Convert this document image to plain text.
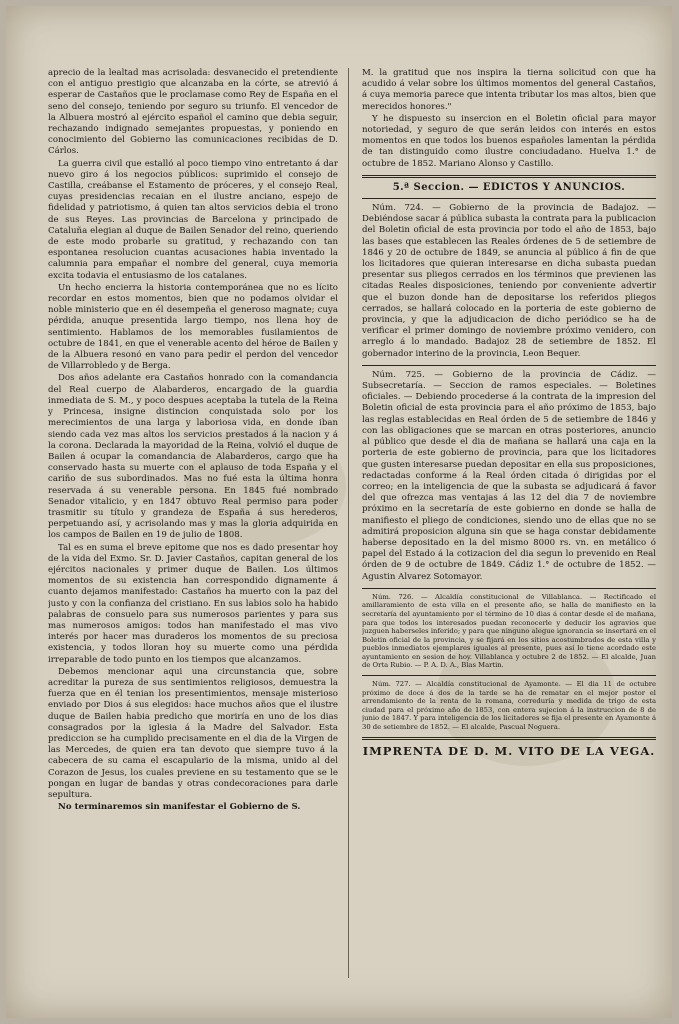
aprecio de la lealtad mas acrisolada: desvanecido el pretendiente con el antiguo prestigio que alcanzaba en la córte, se atrevió á esperar de Castaños que le proclamase como Rey de España en el seno del consejo, teniendo por seguro su triunfo. El vencedor de la Albuera mostró al ejército español el camino que debia seguir, rechazando indignado semejantes propuestas, y poniendo en conocimiento del Gobierno las comunicaciones recibidas de D. Cárlos.

La guerra civil que estalló al poco tiempo vino entretanto á dar nuevo giro á los negocios públicos: suprimido el consejo de Castilla, creábanse el Estamento de próceres, y el consejo Real, cuyas presidencias recaian en el ilustre anciano, espejo de fidelidad y patriotismo, á quien tan altos servicios debia el trono de sus Reyes. Las provincias de Barcelona y principado de Cataluña elegian al duque de Bailen Senador del reino, queriendo de este modo probarle su gratitud, y rechazando con tan espontanea resolucion cuantas acusaciones habia inventado la calumnia para empañar el nombre del general, cuya memoria excita todavia el entusiasmo de los catalanes.

Un hecho encierra la historia contemporánea que no es lícito recordar en estos momentos, bien que no podamos olvidar el noble ministerio que en él desempeña el generoso magnate; cuya pérdida, anuque presentida largo tiempo, nos llena hoy de sentimiento. Hablamos de los memorables fusilamientos de octubre de 1841, en que el venerable acento del héroe de Bailen y de la Albuera resonó en vano para pedir el perdon del vencedor de Villarrobledo y de Berga.

Dos años adelante era Castaños honrado con la comandancia del Real cuerpo de Alabarderos, encargado de la guardia inmediata de S. M., y poco despues aceptaba la tutela de la Reina y Princesa, insigne distincion conquistada solo por los merecimientos de una larga y laboriosa vida, en donde iban siendo cada vez mas altos los servicios prestados á la nacion y á la corona. Declarada la mayoridad de la Reina, volvió el duque de Bailen á ocupar la comandancia de Alabarderos, cargo que ha conservado hasta su muerte con el aplauso de toda España y el cariño de sus subordinados. Mas no fué esta la última honra reservada á su venerable persona. En 1845 fué nombrado Senador vitalicio, y en 1847 obtuvo Real permiso para poder trasmitir su título y grandeza de España á sus herederos, perpetuando así, y acrisolando mas y mas la gloria adquirida en los campos de Bailen en 19 de julio de 1808.

Tal es en suma el breve epitome que nos es dado presentar hoy de la vida del Exmo. Sr. D. Javier Castaños, capitan general de los ejércitos nacionales y primer duque de Bailen. Los últimos momentos de su existencia han correspondido dignamente á cuanto dejamos manifestado: Castaños ha muerto con la paz del justo y con la confianza del cristiano. En sus labios solo ha habido palabras de consuelo para sus numerosos parientes y para sus mas numerosos amigos: todos han manifestado el mas vivo interés por hacer mas duraderos los momentos de su preciosa existencia, y todos lloran hoy su muerte como una pérdida irreparable de todo punto en los tiempos que alcanzamos.

Debemos mencionar aqui una circunstancia que, sobre acreditar la pureza de sus sentimientos religiosos, demuestra la fuerza que en él tenian los presentimientos, mensaje misterioso enviado por Dios á sus elegidos: hace muchos años que el ilustre duque de Bailen habia predicho que moriría en uno de los dias consagrados por la iglesia á la Madre del Salvador. Esta prediccion se ha cumplido precisamente en el dia de la Virgen de las Mercedes, de quien era tan devoto que siempre tuvo á la cabecera de su cama el escapulario de la misma, unido al del Corazon de Jesus, los cuales previene en su testamento que se le pongan en lugar de bandas y otras condecoraciones para darle sepultura.

No terminaremos sin manifestar el Gobierno de S.

M. la gratitud que nos inspira la tierna solicitud con que ha acudido á velar sobre los últimos momentos del general Castaños, á cuya memoria parece que intenta tributar los mas altos, bien que merecidos honores."

Y he dispuesto su insercion en el Boletin oficial para mayor notoriedad, y seguro de que serán leidos con interés en estos momentos en que todos los buenos españoles lamentan la pérdida de tan distinguido como ilustre conciudadano. Huelva 1.° de octubre de 1852. Mariano Alonso y Castillo.

5.ª Seccion. — EDICTOS Y ANUNCIOS.

Núm. 724. — Gobierno de la provincia de Badajoz. — Debiéndose sacar á pública subasta la contrata para la publicacion del Boletin oficial de esta provincia por todo el año de 1853, bajo las bases que establecen las Reales órdenes de 5 de setiembre de 1846 y 20 de octubre de 1849, se anuncia al público á fin de que los licitadores que quieran interesarse en dicha subasta puedan presentar sus pliegos cerrados en los términos que previenen las citadas Reales disposiciones, teniendo por conveniente advertir que el buzon donde han de depositarse los referidos pliegos cerrados, se hallará colocado en la porteria de este gobierno de provincia, y que la adjudicacion de dicho periódico se ha de verificar el primer domingo de noviembre próximo venidero, con arreglo á lo mandado. Badajoz 28 de setiembre de 1852. El gobernador interino de la provincia, Leon Bequer.

Núm. 725. — Gobierno de la provincia de Cádiz. — Subsecretaría. — Seccion de ramos especiales. — Boletines oficiales. — Debiendo procederse á la contrata de la impresion del Boletin oficial de esta provincia para el año próximo de 1853, bajo las reglas establecidas en Real órden de 5 de setiembre de 1846 y con las obligaciones que se marcan en otras posteriores, anuncio al público que desde el dia de mañana se hallará una caja en la porteria de este gobierno de provincia, para que los licitadores que gusten interesarse puedan depositar en ella sus proposiciones, redactadas conforme á la Real órden citada ó dirigidas por el correo; en la inteligencia de que la subasta se adjudicará á favor del que ofrezca mas ventajas á las 12 del dia 7 de noviembre próximo en la secretaría de este gobierno en donde se halla de manifiesto el pliego de condiciones, siendo uno de ellas que no se admitirá proposicion alguna sin que se haga constar debidamente haberse depositado en la del mismo 8000 rs. vn. en metálico ó papel del Estado á la cotizacion del dia segun lo prevenido en Real órden de 9 de octubre de 1849. Cádiz 1.° de octubre de 1852. — Agustin Alvarez Sotomayor.

Núm. 726. — Alcaldía constitucional de Villablanca. — Rectificado el amillaramiento de esta villa en el presente año, se halla de manifiesto en la secretaría del ayuntamiento por el término de 10 dias á contar desde el de mañana, para que todos los interesados puedan reconocerle y deducir los agravios que juzguen haberseles inferido; y para que ninguno alegue ignorancia se insertará en el Boletin oficial de la provincia, y se fijará en los sitios acostumbrados de esta villa y pueblos inmediatos ejemplares iguales al presente, pues así lo tiene acordado este ayuntamiento en sesion de hoy. Villablanca y octubre 2 de 1852. — El alcalde, Juan de Orta Rubio. — P. A. D. A., Blas Martin.

Núm. 727. — Alcaldía constitucional de Ayamonte. — El dia 11 de octubre próximo de doce á dos de la tarde se ha de rematar en el mejor postor el arrendamiento de la renta de la romana, correduría y medida de trigo de esta ciudad para el próximo año de 1853, con entera sujecion á la instruccion de 8 de junio de 1847. Y para inteligencia de los licitadores se fija el presente en Ayamonte á 30 de setiembre de 1852. — El alcalde, Pascual Noguera.

IMPRENTA DE D. M. VITO DE LA VEGA.
